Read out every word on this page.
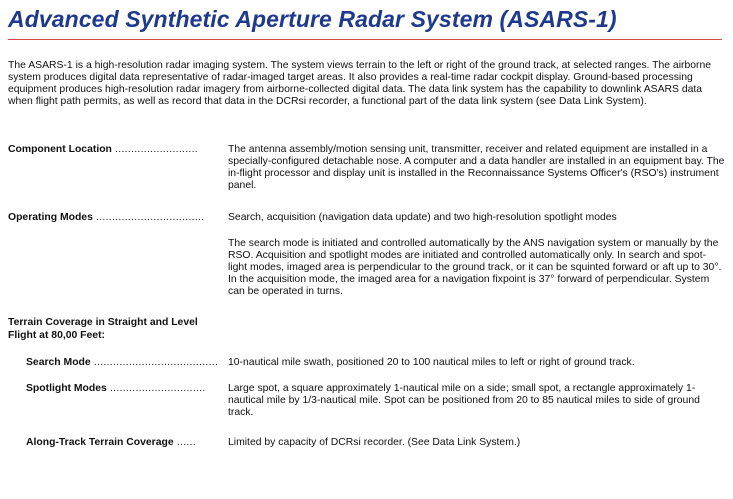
Advanced Synthetic Aperture Radar System (ASARS-1)

The ASARS-1 is a high-resolution radar imaging system. The system views terrain to the left or right of the ground track, at selected ranges. The airborne system produces digital data representative of radar-imaged target areas. It also provides a real-time radar cockpit display. Ground-based processing equipment produces high-resolution radar imagery from airborne-collected digital data. The data link system has the capability to downlink ASARS data when flight path permits, as well as record that data in the DCRsi recorder, a functional part of the data link system (see Data Link System).

Component Location ..........................	The antenna assembly/motion sensing unit, transmitter, receiver and related equipment are installed in a specially-configured detachable nose. A computer and a data handler are installed in an equipment bay. The in-flight processor and display unit is installed in the Reconnaissance Systems Officer's (RSO's) instrument panel.
Operating Modes ..................................	Search, acquisition (navigation data update) and two high-resolution spotlight modes
The search mode is initiated and controlled automatically by the ANS navigation system or manually by the RSO. Acquisition and spotlight modes are initiated and controlled automatically only. In search and spot-light modes, imaged area is perpendicular to the ground track, or it can be squinted forward or aft up to 30°. In the acquisition mode, the imaged area for a navigation fixpoint is 37° forward of perpendicular. System can be operated in turns.
Terrain Coverage in Straight and Level Flight at 80,00 Feet:
Search Mode ....................................... 10-nautical mile swath, positioned 20 to 100 nautical miles to left or right of ground track.
Spotlight Modes ..............................	Large spot, a square approximately 1-nautical mile on a side; small spot, a rectangle approximately 1-nautical mile by 1/3-nautical mile. Spot can be positioned from 20 to 85 nautical miles to side of ground track.
Along-Track Terrain Coverage ......	Limited by capacity of DCRsi recorder. (See Data Link System.)
